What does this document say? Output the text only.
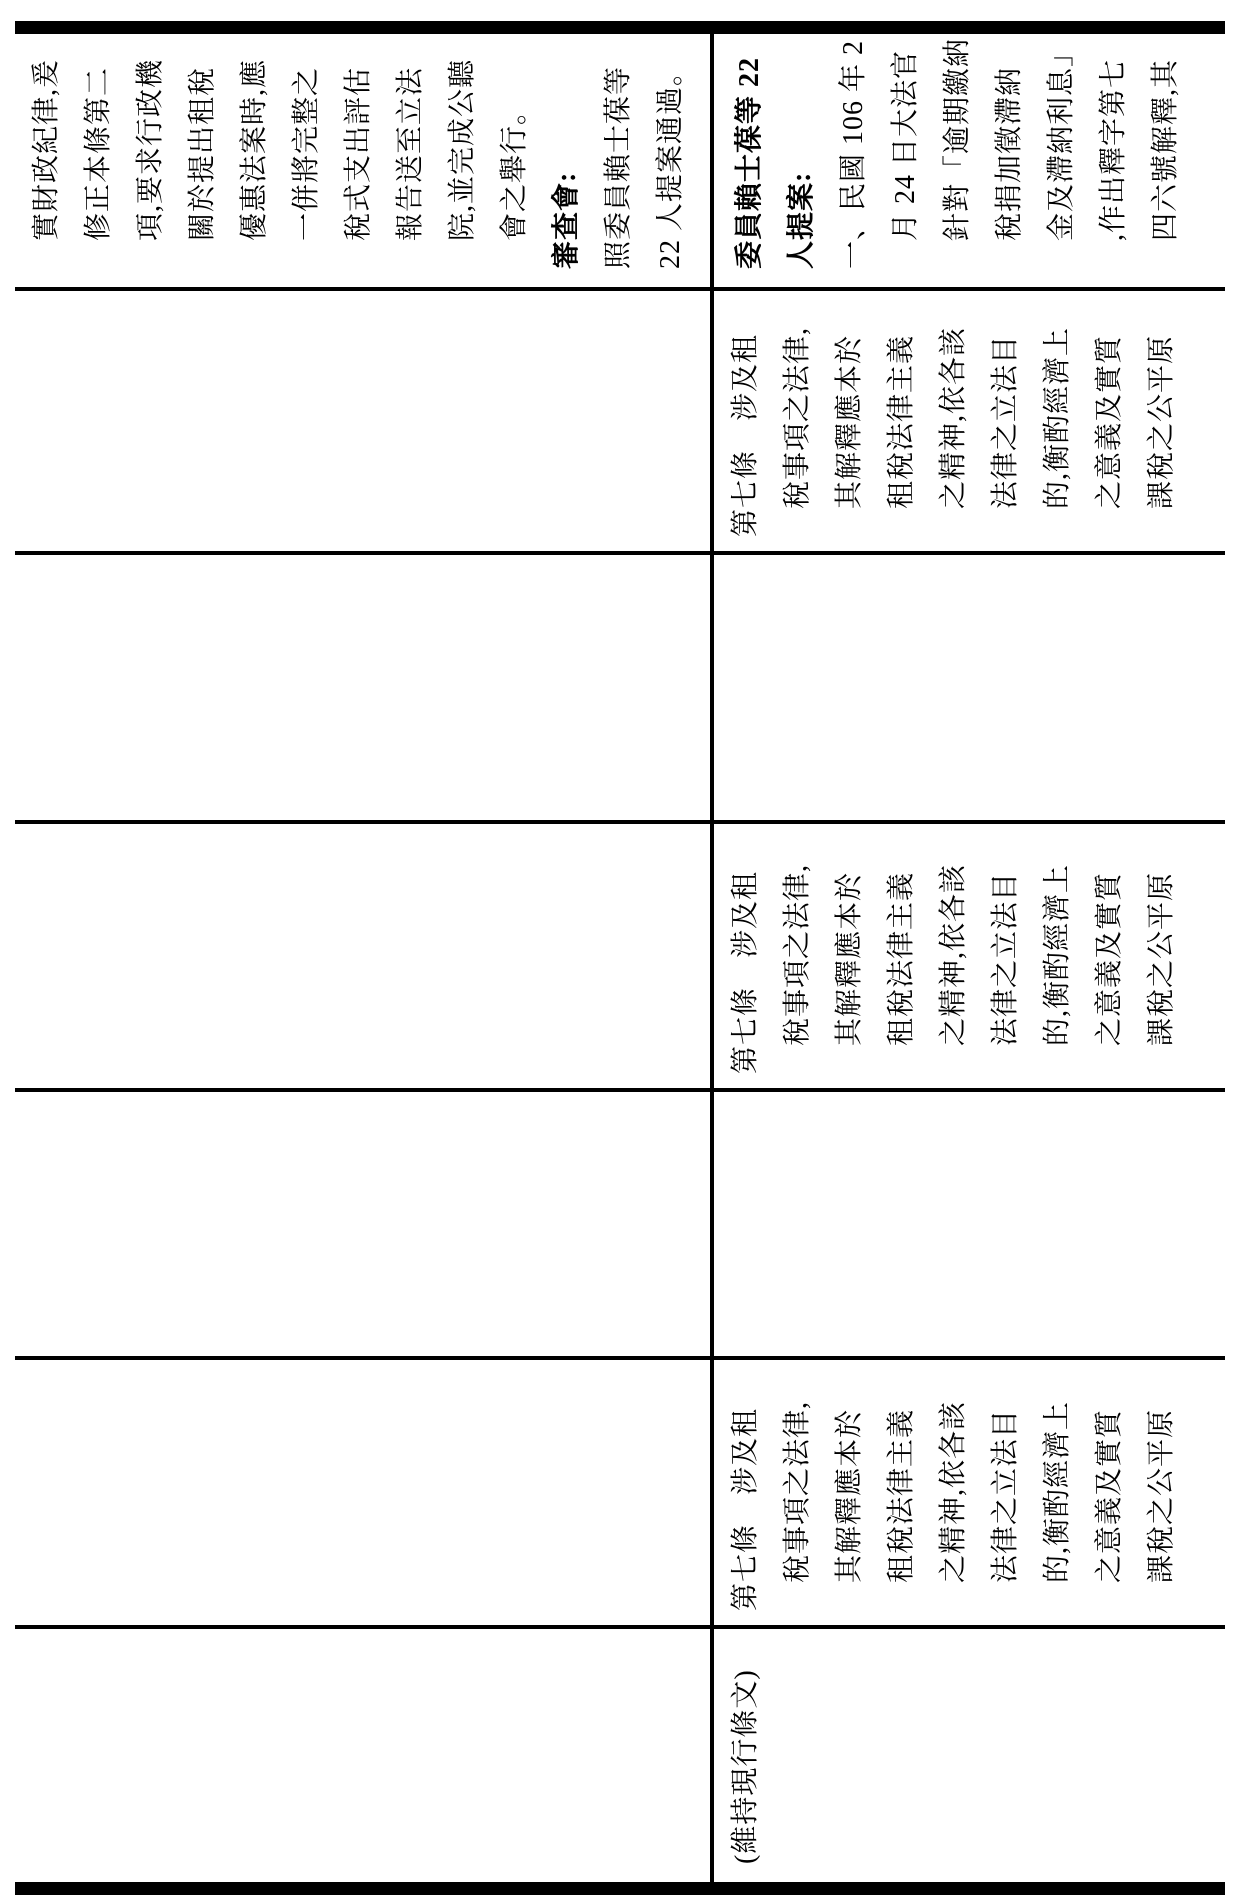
實財政紀律,爰 修正本條第二 項,要求行政機 關於提出租稅 優惠法案時,應 一併將完整之 稅式支出評估 報告送至立法 院,並完成公聽 會之舉行。 審查會: 照委員賴士葆等 22 人提案通過。
(維持現行條文)
第七條　涉及租 稅事項之法律, 其解釋應本於 租稅法律主義 之精神,依各該 法律之立法目 的,衡酌經濟上 之意義及實質 課稅之公平原
第七條　涉及租 稅事項之法律, 其解釋應本於 租稅法律主義 之精神,依各該 法律之立法目 的,衡酌經濟上 之意義及實質 課稅之公平原
第七條　涉及租 稅事項之法律, 其解釋應本於 租稅法律主義 之精神,依各該 法律之立法目 的,衡酌經濟上 之意義及實質 課稅之公平原
委員賴士葆等 22 人提案: 一、民國 106 年 2 月 24 日大法官 針對「逾期繳納 稅捐加徵滯納 金及滯納利息」 ,作出釋字第七 四六號解釋,其
